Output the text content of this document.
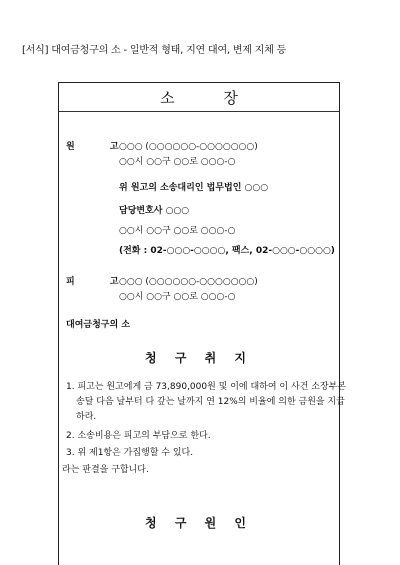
[서식] 대여금청구의 소 - 일반적 형태, 지연 대여, 변제 지체 등
소 장
원 고
○○○ (○○○○○○-○○○○○○○)
○○시 ○○구 ○○로 ○○○-○
위 원고의 소송대리인 법무법인 ○○○
담당변호사 ○○○
○○시 ○○구 ○○로 ○○○-○
(전화 : 02-○○○-○○○○, 팩스, 02-○○○-○○○○)
피 고
○○○ (○○○○○○-○○○○○○○)
○○시 ○○구 ○○로 ○○○-○
대여금청구의 소
청 구 취 지
1. 피고는 원고에게 금 73,890,000원 및 이에 대하여 이 사건 소장부본
송달 다음 날부터 다 갚는 날까지 연 12%의 비율에 의한 금원을 지급
하라.
2. 소송비용은 피고의 부담으로 한다.
3. 위 제1항은 가집행할 수 있다.
라는 판결을 구합니다.
청 구 원 인
